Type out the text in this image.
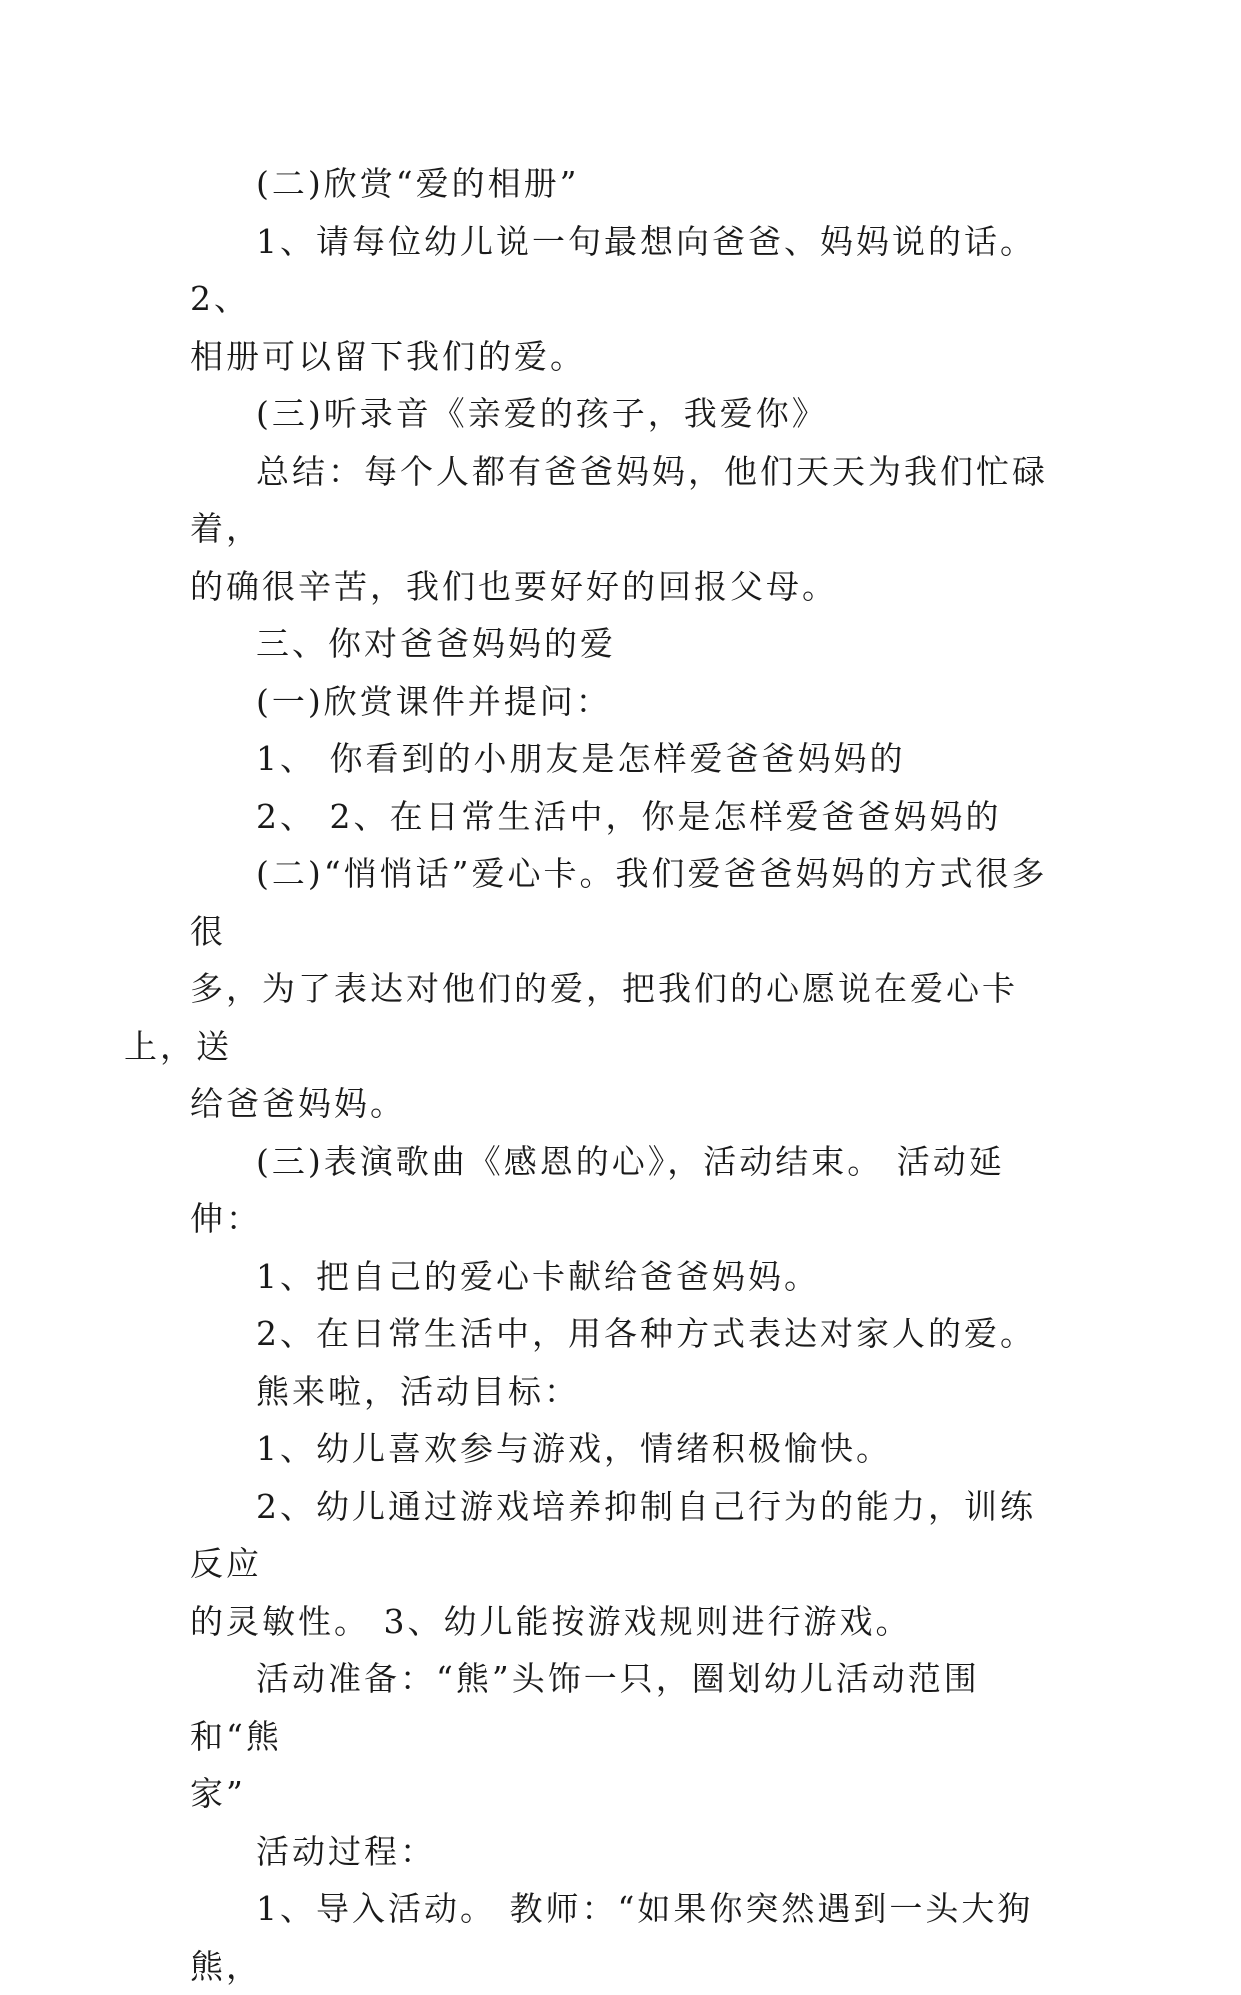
(二)欣赏“爱的相册”

1、请每位幼儿说一句最想向爸爸、妈妈说的话。 2、
相册可以留下我们的爱。

(三)听录音《亲爱的孩子，我爱你》

总结：每个人都有爸爸妈妈，他们天天为我们忙碌着，
的确很辛苦，我们也要好好的回报父母。

三、你对爸爸妈妈的爱

(一)欣赏课件并提问：

1、 你看到的小朋友是怎样爱爸爸妈妈的

2、 2、在日常生活中，你是怎样爱爸爸妈妈的

(二)“悄悄话”爱心卡。我们爱爸爸妈妈的方式很多很
多，为了表达对他们的爱，把我们的心愿说在爱心卡上，送
给爸爸妈妈。

(三)表演歌曲《感恩的心》，活动结束。 活动延伸：

1、把自己的爱心卡献给爸爸妈妈。

2、在日常生活中，用各种方式表达对家人的爱。

熊来啦，活动目标：

1、幼儿喜欢参与游戏，情绪积极愉快。

2、幼儿通过游戏培养抑制自己行为的能力，训练反应
的灵敏性。 3、幼儿能按游戏规则进行游戏。

活动准备：“熊”头饰一只，圈划幼儿活动范围和“熊
家”

活动过程：

1、导入活动。 教师：“如果你突然遇到一头大狗熊，
